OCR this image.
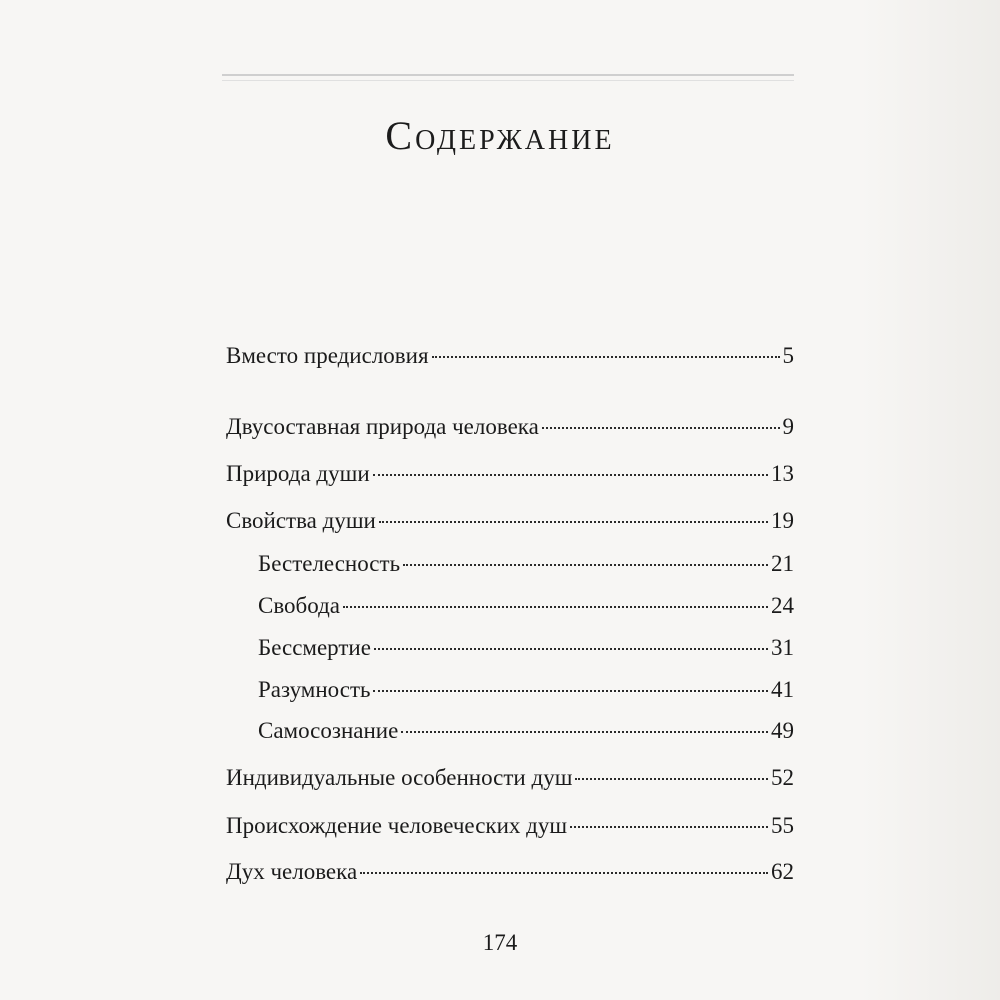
Содержание
Вместо предисловия	5
Двусоставная природа человека	9
Природа души	13
Свойства души	19
Бестелесность	21
Свобода	24
Бессмертие	31
Разумность	41
Самосознание	49
Индивидуальные особенности душ	52
Происхождение человеческих душ	55
Дух человека	62
174
